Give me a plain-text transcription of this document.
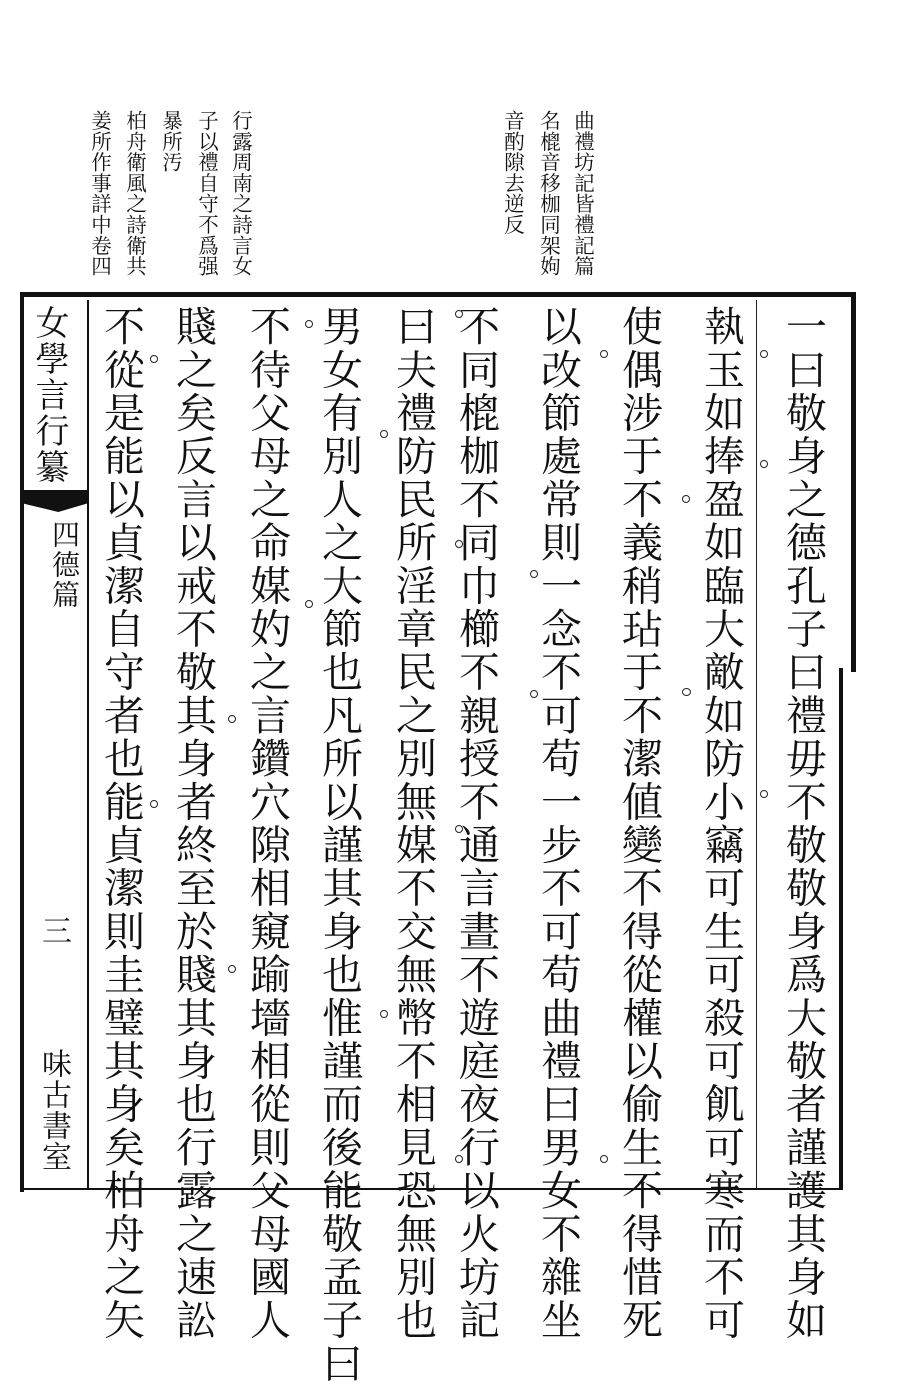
曲禮坊記皆禮記篇
名㮰音移枷同架姁
音酌隙去逆反
行露周南之詩言女
子以禮自守不爲强
暴所汚
柏舟衛風之詩衛共
姜所作事詳中卷四
一曰敬身之德孔子曰禮毋不敬敬身爲大敬者謹護其身如
執玉如捧盈如臨大敵如防小竊可生可殺可飢可寒而不可
使偶涉于不義稍玷于不潔値變不得從權以偷生不得惜死
以改節處常則一念不可苟一步不可苟曲禮曰男女不雜坐
不同㮰枷不同巾櫛不親授不通言晝不遊庭夜行以火坊記
曰夫禮防民所淫章民之別無媒不交無幣不相見恐無別也
男女有別人之大節也凡所以謹其身也惟謹而後能敬孟子曰
不待父母之命媒妁之言鑽穴隙相窺踰墻相從則父母國人
賤之矣反言以戒不敬其身者終至於賤其身也行露之速訟
不從是能以貞潔自守者也能貞潔則圭璧其身矣柏舟之矢
女學言行纂
四德篇
三
味古書室
